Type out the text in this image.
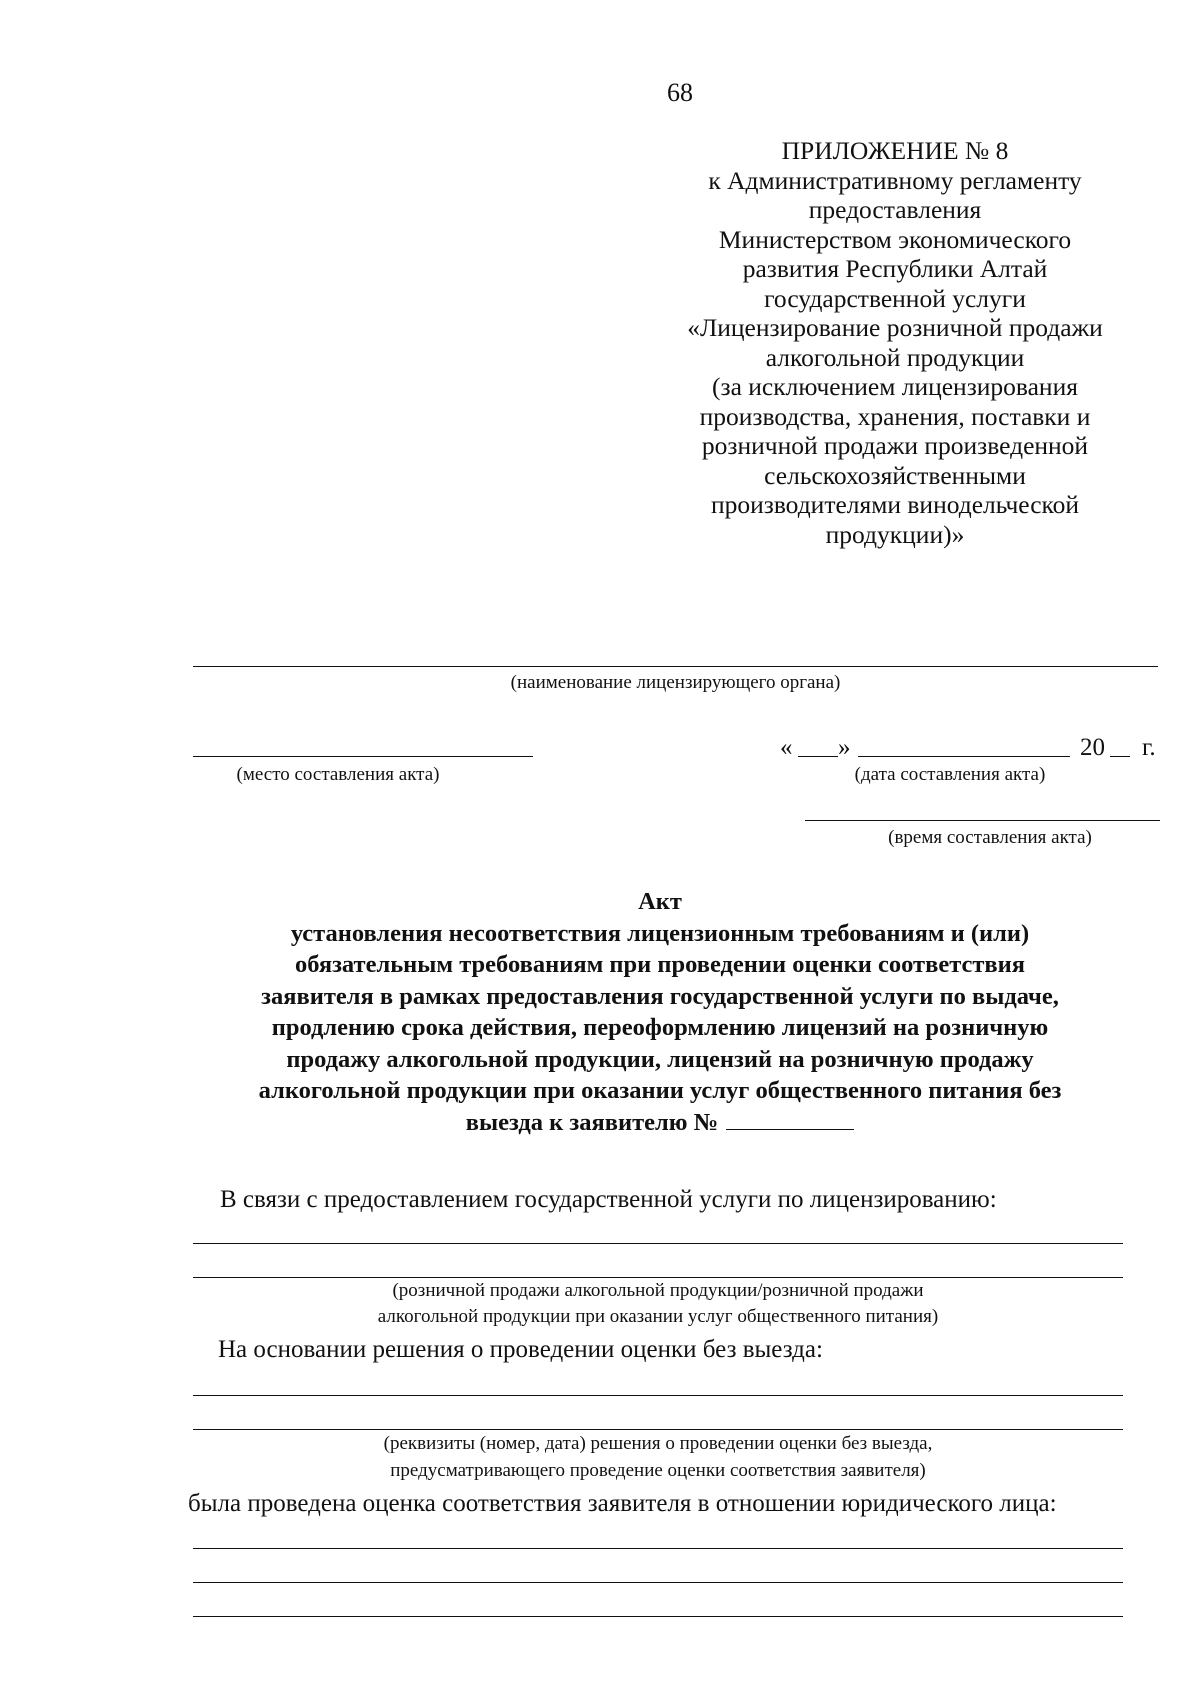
68
ПРИЛОЖЕНИЕ № 8
к Административному регламенту
предоставления
Министерством экономического
развития Республики Алтай
государственной услуги
«Лицензирование розничной продажи
алкогольной продукции
(за исключением лицензирования
производства, хранения, поставки и
розничной продажи произведенной
сельскохозяйственными
производителями винодельческой
продукции)»
(наименование лицензирующего органа)
(место составления акта)
« »	20 г.
(дата составления акта)
(время составления акта)
Акт
установления несоответствия лицензионным требованиям и (или)
обязательным требованиям при проведении оценки соответствия
заявителя в рамках предоставления государственной услуги по выдаче,
продлению срока действия, переоформлению лицензий на розничную
продажу алкогольной продукции, лицензий на розничную продажу
алкогольной продукции при оказании услуг общественного питания без
выезда к заявителю №
В связи с предоставлением государственной услуги по лицензированию:
(розничной продажи алкогольной продукции/розничной продажи
алкогольной продукции при оказании услуг общественного питания)
На основании решения о проведении оценки без выезда:
(реквизиты (номер, дата) решения о проведении оценки без выезда,
предусматривающего проведение оценки соответствия заявителя)
была проведена оценка соответствия заявителя в отношении юридического лица:
